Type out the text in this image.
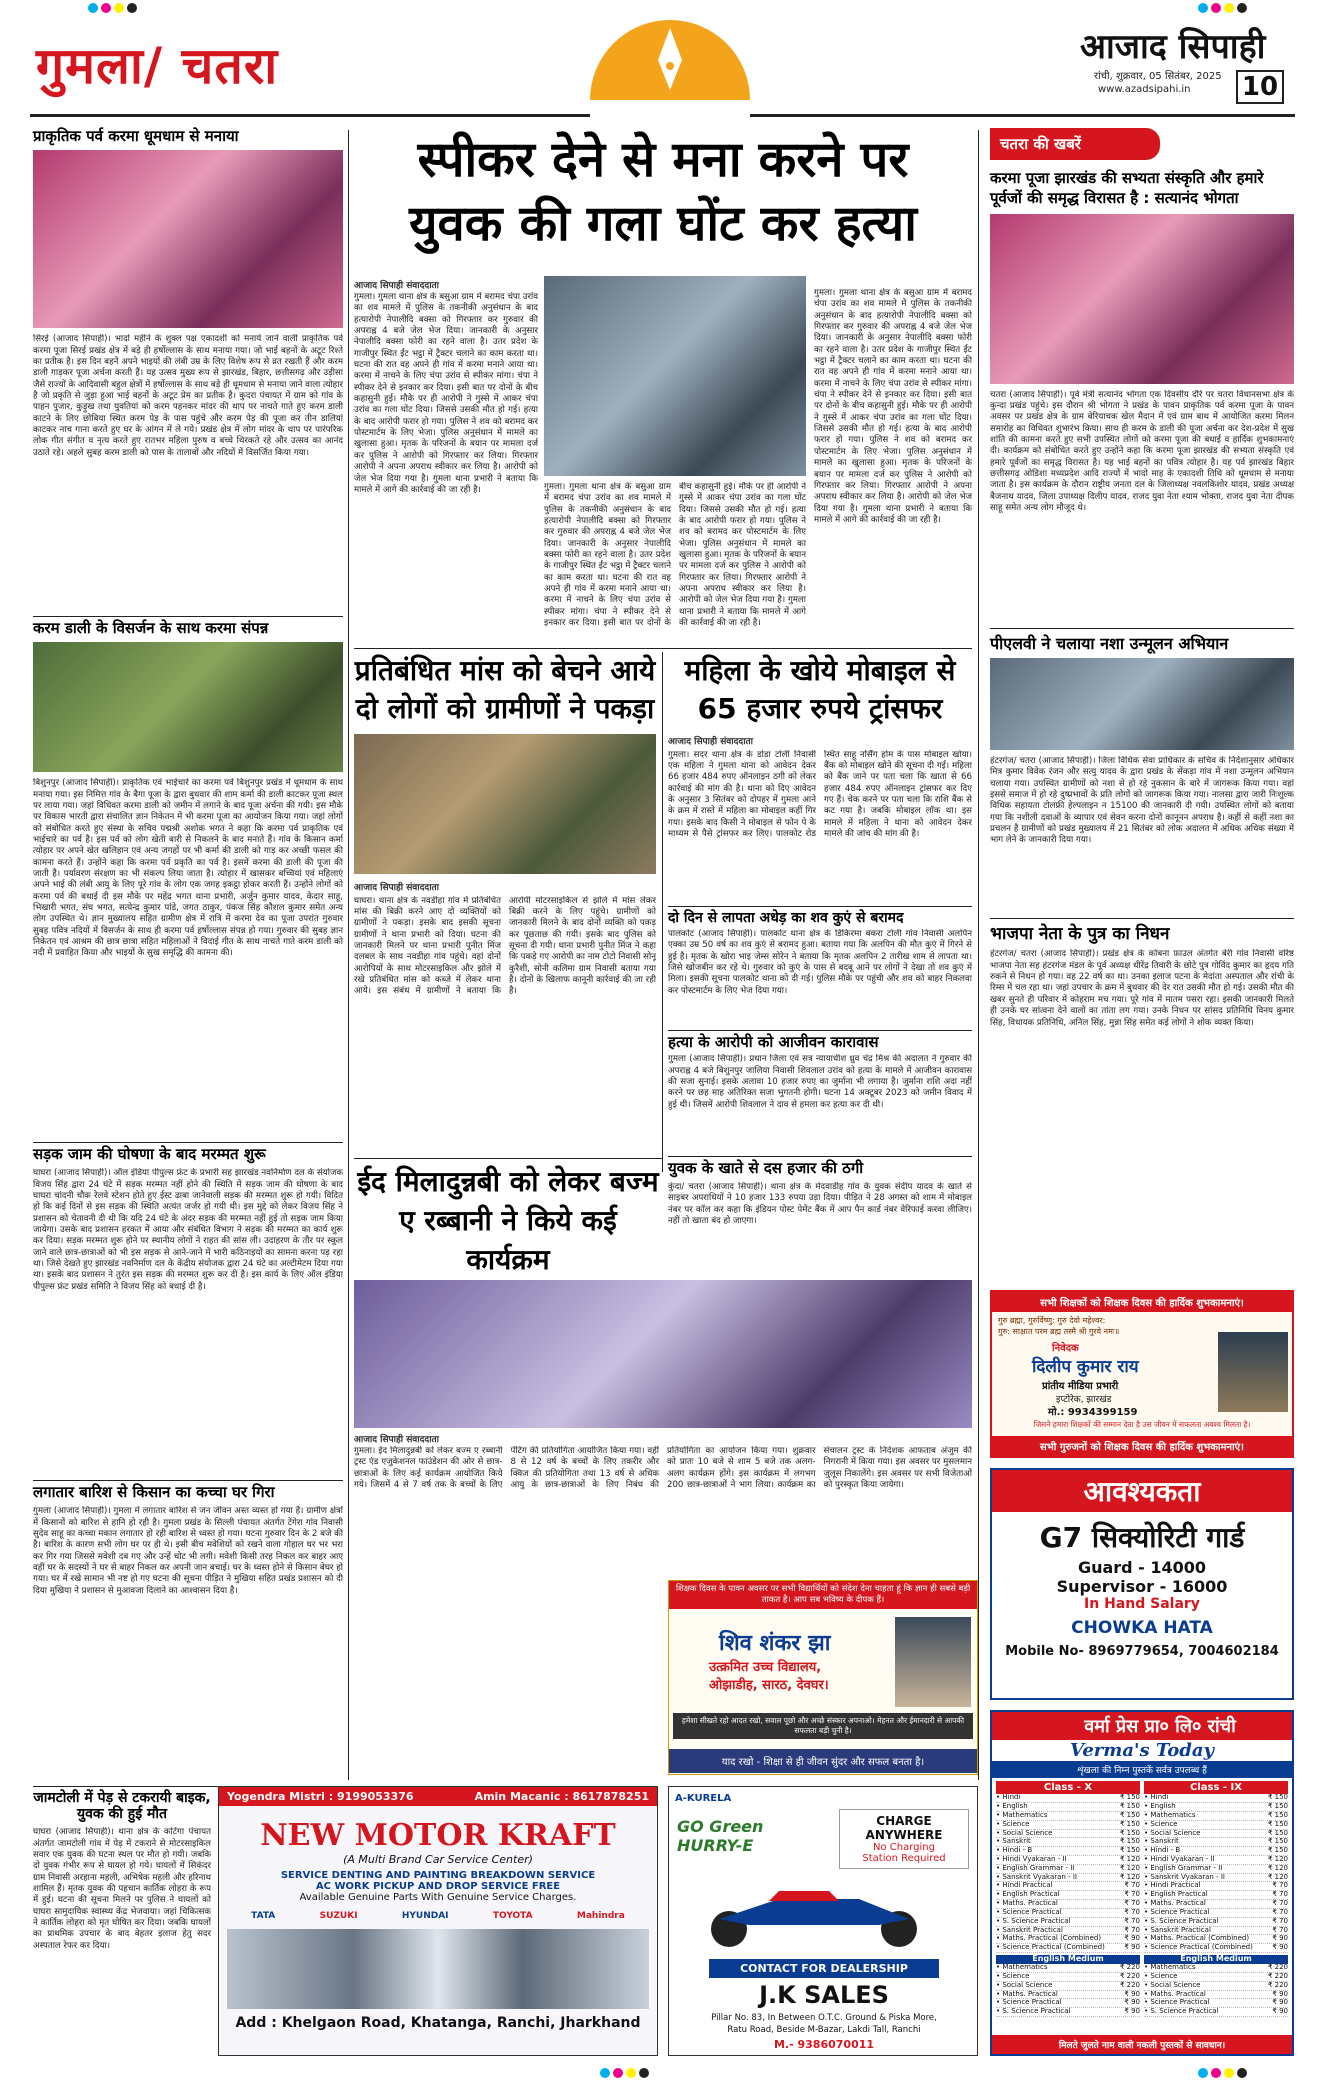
गुमला/ चतरा	आजाद सिपाही
रांची, शुक्रवार, 05 सितंबर, 2025
www.azadsipahi.in 10
प्राकृतिक पर्व करमा धूमधाम से मनाया
सिरई (आजाद सिपाही)। भादो महीने के शुक्ल पक्ष एकादशी को मनाये जाने वाली प्राकृतिक पर्व करमा पूजा सिरई प्रखंड क्षेत्र में बड़े ही हर्षोल्लास के साथ मनाया गया। जो भाई बहनों के अटूट रिश्ते का प्रतीक है। इस दिन बहनें अपने भाइयों की लंबी उम्र के लिए विशेष रूप से व्रत रखती हैं और करम डाली गाड़कर पूजा अर्चना करती हैं। यह उत्सव मुख्य रूप से झारखंड, बिहार, छत्तीसगढ़ और उड़ीसा जैसे राज्यों के आदिवासी बहुल क्षेत्रों में हर्षोल्लास के साथ बड़े ही धूमधाम से मनाया जाने वाला त्योहार है जो प्रकृति से जुड़ा हुआ भाई बहनों के अटूट प्रेम का प्रतीक है। कुदरा पंचायत में ग्राम को गांव के पाहन पुजार, कुड़ुख तथा युवतियां को करम पहनकर मांदर की थाप पर नाचते गाते हुए करम डाली काटने के लिए छोबिया स्थित करम पेड़ के पास पहुंचे और करम पेड़ की पूजा कर तीन डालियां काटकर नाच गाना करते हुए घर के आंगन में ले गये। प्रखंड क्षेत्र में लोग मांदर के थाप पर पारंपरिक लोक गीत संगीत व नृत्य करते हुए रातभर महिला पुरुष व बच्चे थिरकते रहे और उत्सव का आनंद उठाते रहे। अहले सुबह करम डाली को पास के तालाबों और नदियों में विसर्जित किया गया।
करम डाली के विसर्जन के साथ करमा संपन्न
बिशुनपुर (आजाद सिपाही)। प्राकृतिक एवं भाईचारे का करमा पर्व बिशुनपुर प्रखंड में धूमधाम के साथ मनाया गया। इस निमित्त गांव के बैगा पूजा के द्वारा बुधवार की शाम कर्मा की डाली काटकर पूजा स्थल पर लाया गया। जहां विधिवत करमा डाली को जमीन में लगाने के बाद पूजा अर्चना की गयी। इस मौके पर विकास भारती द्वारा संचालित ज्ञान निकेतन में भी करमा पूजा का आयोजन किया गया। जहां लोगों को संबोधित करते हुए संस्था के सचिव पद्मश्री अशोक भगत ने कहा कि करमा पर्व प्राकृतिक एवं भाईचारे का पर्व है। इस पर्व को लोग खेती बारी से निकलने के बाद मनाते हैं। गांव के किसान कर्मा त्योहार पर अपने खेत खलिहान एवं अन्य जगहों पर भी कर्मा की डाली को गाड़ कर अच्छी फसल की कामना करते हैं। उन्होंने कहा कि करमा पर्व प्रकृति का पर्व है। इसमें करमा की डाली की पूजा की जाती है। पर्यावरण संरक्षण का भी संकल्प लिया जाता है। त्योहार में खासकर बच्चियां एवं महिलाएं अपने भाई की लंबी आयु के लिए पूरे गांव के लोग एक जगह इकट्ठा होकर करती हैं। उन्होंने लोगों को करमा पर्व की बधाई दी इस मौके पर महेंद्र भगत थाना प्रभारी, अर्जुन कुमार यादव, केदार साहू, भिखारी भगत, संघ भगत, सत्येन्द्र कुमार पांडे, जगत ठाकुर, पंकज सिंह कौशल कुमार समेत अन्य लोग उपस्थित थे। ज्ञान मुख्यालय सहित ग्रामीण क्षेत्र में रात्रि में करमा देव का पूजा उपरांत गुरुवार सुबह पवित्र नदियों में विसर्जन के साथ ही करमा पर्व हर्षोल्लास संपन्न हो गया। गुरुवार की सुबह ज्ञान निकेतन एवं आश्रम की छात्र छात्रा सहित महिलाओं ने विदाई गीत के साथ नाचते गाते करम डाली को नदी में प्रवाहित किया और भाइयों के सुख समृद्धि की कामना की।
सड़क जाम की घोषणा के बाद मरम्मत शुरू
घाघरा (आजाद सिपाही)। ऑल इंडिया पीपुल्स फ्रंट के प्रभारी सह झारखंड नवनिर्माण दल के संयोजक विजय सिंह द्वारा 24 घंटे में सड़क मरम्मत नहीं होने की स्थिति में सड़क जाम की घोषणा के बाद घाघरा चांदनी चौक रेलवे स्टेशन होते हुए ईस्ट ढाबा जानेवाली सड़क की मरम्मत शुरू हो गयी। विदित हो कि कई दिनों से इस सड़क की स्थिति अत्यंत जर्जर हो गयी थी। इस मुद्दे को लेकर विजय सिंह ने प्रशासन को चेतावनी दी थी कि यदि 24 घंटे के अंदर सड़क की मरम्मत नहीं हुई तो सड़क जाम किया जायेगा। उसके बाद प्रशासन हरकत में आया और संबंधित विभाग ने सड़क की मरम्मत का कार्य शुरू कर दिया। सड़क मरम्मत शुरू होने पर स्थानीय लोगों ने राहत की सांस ली। उदाहरण के तौर पर स्कूल जाने वाले छात्र-छात्राओं को भी इस सड़क से आने-जाने में भारी कठिनाइयों का सामना करना पड़ रहा था। जिसे देखते हुए झारखंड नवनिर्माण दल के केंद्रीय संयोजक द्वारा 24 घंटे का अल्टीमेटम दिया गया था। इसके बाद प्रशासन ने तुरंत इस सड़क की मरम्मत शुरू कर दी है। इस कार्य के लिए ऑल इंडिया पीपुल्स फ्रंट प्रखंड समिति ने विजय सिंह को बधाई दी है।
लगातार बारिश से किसान का कच्चा घर गिरा
गुमला (आजाद सिपाही)। गुमला में लगातार बारिश से जन जीवन अस्त व्यस्त हो गया है। ग्रामीण क्षेत्रों में किसानों को बारिश से हानि हो रही है। गुमला प्रखंड के सिल्ली पंचायत अंतर्गत टेंगेरा गांव निवासी सुदेव साहू का कच्चा मकान लगातार हो रही बारिश से ध्वस्त हो गया। घटना गुरुवार दिन के 2 बजे की है। बारिश के कारण सभी लोग घर पर ही थे। इसी बीच मवेशियों को रखने वाला गोहाल घर भर भरा कर गिर गया जिससे मवेशी दब गए और उन्हें चोट भी लगी। मवेशी किसी तरह निकल कर बाहर आए वहीं घर के सदस्यों ने घर से बाहर निकल कर अपनी जान बचाई। घर के ध्वस्त होने से किसान बेघर हो गया। घर में रखे सामान भी नष्ट हो गए घटना की सूचना पीड़ित ने मुखिया सहित प्रखंड प्रशासन को दी दिया मुखिया ने प्रशासन से मुआवजा दिलाने का आश्वासन दिया है।
जामटोली में पेड़ से टकरायी बाइक, युवक की हुई मौत
घाघरा (आजाद सिपाही)। थाना क्षेत्र के कोटेंगा पंचायत अंतर्गत जामटोली गांव में पेड़ में टकराने से मोटरसाइकिल सवार एक युवक की घटना स्थल पर मौत हो गयी। जबकि दो युवक गंभीर रूप से घायल हो गये। घायलों में सिकंदर ग्राम निवासी अरहाना महली, अभिषेक महली और हरिनाथ शामिल हैं। मृतक युवक की पहचान कार्तिक लोहरा के रूप में हुई। घटना की सूचना मिलने पर पुलिस ने घायलों को घाघरा सामुदायिक स्वास्थ्य केंद्र भेजवाया। जहां चिकित्सक ने कार्तिक लोहरा को मृत घोषित कर दिया। जबकि घायलों का प्राथमिक उपचार के बाद बेहतर इलाज हेतु सदर अस्पताल रेफर कर दिया।
स्पीकर देने से मना करने पर युवक की गला घोंट कर हत्या
आजाद सिपाही संवाददाता
गुमला। गुमला थाना क्षेत्र के बसुआ ग्राम में बरामद चंपा उरांव का शव मामले में पुलिस के तकनीकी अनुसंधान के बाद हत्यारोपी नेपालीदि बक्सा को गिरफ्तार कर गुरुवार की अपराह्न 4 बजे जेल भेज दिया। जानकारी के अनुसार नेपालीदि बक्सा फोरी का रहने वाला है। उतर प्रदेश के गाजीपुर स्थित ईंट भट्ठा में ट्रैक्टर चलाने का काम करता था। घटना की रात वह अपने ही गांव में करमा मनाने आया था। करमा में नाचने के लिए चंपा उरांव से स्पीकर मांगा। चंपा ने स्पीकर देने से इनकार कर दिया। इसी बात पर दोनों के बीच कहासुनी हुई। मौके पर ही आरोपी ने गुस्से में आकर चंपा उरांव का गला घोंट दिया। जिससे उसकी मौत हो गई। हत्या के बाद आरोपी फरार हो गया। पुलिस ने शव को बरामद कर पोस्टमार्टम के लिए भेजा। पुलिस अनुसंधान में मामले का खुलासा हुआ। मृतक के परिजनों के बयान पर मामला दर्ज कर पुलिस ने आरोपी को गिरफ्तार कर लिया। गिरफ्तार आरोपी ने अपना अपराध स्वीकार कर लिया है। आरोपी को जेल भेज दिया गया है। गुमला थाना प्रभारी ने बताया कि मामले में आगे की कार्रवाई की जा रही है।	गुमला। गुमला थाना क्षेत्र के बसुआ ग्राम में बरामद चंपा उरांव का शव मामले में पुलिस के तकनीकी अनुसंधान के बाद हत्यारोपी नेपालीदि बक्सा को गिरफ्तार कर गुरुवार की अपराह्न 4 बजे जेल भेज दिया। जानकारी के अनुसार नेपालीदि बक्सा फोरी का रहने वाला है। उतर प्रदेश के गाजीपुर स्थित ईंट भट्ठा में ट्रैक्टर चलाने का काम करता था। घटना की रात वह अपने ही गांव में करमा मनाने आया था। करमा में नाचने के लिए चंपा उरांव से स्पीकर मांगा। चंपा ने स्पीकर देने से इनकार कर दिया। इसी बात पर दोनों के बीच कहासुनी हुई। मौके पर ही आरोपी ने गुस्से में आकर चंपा उरांव का गला घोंट दिया। जिससे उसकी मौत हो गई। हत्या के बाद आरोपी फरार हो गया। पुलिस ने शव को बरामद कर पोस्टमार्टम के लिए भेजा। पुलिस अनुसंधान में मामले का खुलासा हुआ। मृतक के परिजनों के बयान पर मामला दर्ज कर पुलिस ने आरोपी को गिरफ्तार कर लिया। गिरफ्तार आरोपी ने अपना अपराध स्वीकार कर लिया है। आरोपी को जेल भेज दिया गया है। गुमला थाना प्रभारी ने बताया कि मामले में आगे की कार्रवाई की जा रही है।
गुमला। गुमला थाना क्षेत्र के बसुआ ग्राम में बरामद चंपा उरांव का शव मामले में पुलिस के तकनीकी अनुसंधान के बाद हत्यारोपी नेपालीदि बक्सा को गिरफ्तार कर गुरुवार की अपराह्न 4 बजे जेल भेज दिया। जानकारी के अनुसार नेपालीदि बक्सा फोरी का रहने वाला है। उतर प्रदेश के गाजीपुर स्थित ईंट भट्ठा में ट्रैक्टर चलाने का काम करता था। घटना की रात वह अपने ही गांव में करमा मनाने आया था। करमा में नाचने के लिए चंपा उरांव से स्पीकर मांगा। चंपा ने स्पीकर देने से इनकार कर दिया। इसी बात पर दोनों के बीच कहासुनी हुई। मौके पर ही आरोपी ने गुस्से में आकर चंपा उरांव का गला घोंट दिया। जिससे उसकी मौत हो गई। हत्या के बाद आरोपी फरार हो गया। पुलिस ने शव को बरामद कर पोस्टमार्टम के लिए भेजा। पुलिस अनुसंधान में मामले का खुलासा हुआ। मृतक के परिजनों के बयान पर मामला दर्ज कर पुलिस ने आरोपी को गिरफ्तार कर लिया। गिरफ्तार आरोपी ने अपना अपराध स्वीकार कर लिया है। आरोपी को जेल भेज दिया गया है। गुमला थाना प्रभारी ने बताया कि मामले में आगे की कार्रवाई की जा रही है।
प्रतिबंधित मांस को बेचने आये दो लोगों को ग्रामीणों ने पकड़ा
आजाद सिपाही संवाददाता
घाघरा। थाना क्षेत्र के नवडीहा गांव में प्रतिबंधित मांस की बिक्री करने आए दो व्यक्तियों को ग्रामीणों ने पकड़ा। इसके बाद इसकी सूचना ग्रामीणों ने थाना प्रभारी को दिया। घटना की जानकारी मिलने पर थाना प्रभारी पुनीत मिंज दलबल के साथ नवडीहा गांव पहुंचे। वहां दोनों आरोपियों के साथ मोटरसाइकिल और झोले में रखे प्रतिबंधित मांस को कब्जे में लेकर थाना आये। इस संबंध में ग्रामीणों ने बताया कि आरोपी मोटरसाइकिल से झोले में मांस लेकर बिक्री करने के लिए पहुंचे। ग्रामीणों को जानकारी मिलने के बाद दोनों व्यक्ति को पकड़ कर पूछताछ की गयी। इसके बाद पुलिस को सूचना दी गयी। थाना प्रभारी पुनीत मिंज ने कहा कि पकड़े गए आरोपी का नाम टोटो निवासी सोनू कुरैशी, सोनी कलिमा ग्राम निवासी बताया गया है। दोनों के खिलाफ कानूनी कार्रवाई की जा रही है।
महिला के खोये मोबाइल से 65 हजार रुपये ट्रांसफर
आजाद सिपाही संवाददाता
गुमला। सदर थाना क्षेत्र के डोडा टोली निवासी एक महिला ने गुमला थाना को आवेदन देकर 66 हजार 484 रुपए ऑनलाइन ठगी को लेकर कार्रवाई की मांग की है। थाना को दिए आवेदन के अनुसार 3 सितंबर को दोपहर में गुमला आने के क्रम में रास्ते में महिला का मोबाइल कहीं गिर गया। इसके बाद किसी ने मोबाइल से फोन पे के माध्यम से पैसे ट्रांसफर कर लिए। पालकोट रोड स्थित साहू नर्सिंग होम के पास मोबाइल खोया। बैंक को मोबाइल खोने की सूचना दी गई। महिला को बैंक जाने पर पता चला कि खाता से 66 हजार 484 रुपए ऑनलाइन ट्रांसफर कर दिए गए हैं। चेक करने पर पता चला कि राशि बैंक से कट गया है। जबकि मोबाइल लॉक था। इस मामले में महिला ने थाना को आवेदन देकर मामले की जांच की मांग की है।
दो दिन से लापता अधेड़ का शव कुएं से बरामद
पालकोट (आजाद सिपाही)। पालकोट थाना क्षेत्र के डिकिरमा बकरा टोली गांव निवासी अलपिन एक्का उम्र 50 वर्ष का शव कुएं से बरामद हुआ। बताया गया कि अलपिन की मौत कुएं में गिरने से हुई है। मृतक के खोरा भाइ जेम्स सोरेन ने बताया कि मृतक अलपिन 2 तारीख शाम से लापता था। जिसे खोजबीन कर रहे थे। गुरुवार को कुएं के पास से बदबू आने पर लोगों ने देखा तो शव कुएं में मिला। इसकी सूचना पालकोट थाना को दी गई। पुलिस मौके पर पहुंची और शव को बाहर निकलवा कर पोस्टमार्टम के लिए भेज दिया गया।
हत्या के आरोपी को आजीवन कारावास
गुमला (आजाद सिपाही)। प्रधान जिला एवं सत्र न्यायाधीश ध्रुव चंद्र मिश्र की अदालत ने गुरुवार की अपराह्न 4 बजे बिशुनपुर जालिया निवासी शिवलाल उरांव को हत्या के मामले में आजीवन कारावास की सजा सुनाई। इसके अलावा 10 हजार रुपए का जुर्माना भी लगाया है। जुर्माना राशि अदा नहीं करने पर छह माह अतिरिक्त सजा भुगतनी होगी। घटना 14 अक्टूबर 2023 को जमीन विवाद में हुई थी। जिसमें आरोपी शिवलाल ने दाव से हमला कर हत्या कर दी थी।
युवक के खाते से दस हजार की ठगी
कुंदा/ चतरा (आजाद सिपाही)। थाना क्षेत्र के मेदवाडीह गांव के युवक संदीप यादव के खाते से साइबर अपराधियों ने 10 हजार 133 रुपया उड़ा दिया। पीड़ित ने 28 अगस्त को शाम में मोबाइल नंबर पर कॉल कर कहा कि इंडियन पोस्ट पेमेंट बैंक में आप पैन कार्ड नंबर वेरिफाई करवा लीजिए। नहीं तो खाता बंद हो जाएगा।
ईद मिलादुन्नबी को लेकर बज्म ए रब्बानी ने किये कई कार्यक्रम
आजाद सिपाही संवाददाता
गुमला। ईद मिलादुन्नबी को लेकर बज्म ए रब्बानी ट्रस्ट एंड एजुकेशनल फाउंडेशन की ओर से छात्र-छात्राओं के लिए कई कार्यक्रम आयोजित किये गये। जिसमें 4 से 7 वर्ष तक के बच्चों के लिए पेंटिंग की प्रतियोगिता आयोजित किया गया। वहीं 8 से 12 वर्ष के बच्चों के लिए तकरीर और क्विज की प्रतियोगिता तथा 13 वर्ष से अधिक आयु के छात्र-छात्राओं के लिए निबंध की प्रतियोगिता का आयोजन किया गया। शुक्रवार को प्रातः 10 बजे से शाम 5 बजे तक अलग-अलग कार्यक्रम होंगे। इस कार्यक्रम में लगभग 200 छात्र-छात्राओं ने भाग लिया। कार्यक्रम का संचालन ट्रस्ट के निदेशक आफताब अंजुम की निगरानी में किया गया। इस अवसर पर मुसलमान जुलूस निकालेंगे। इस अवसर पर सभी विजेताओं को पुरस्कृत किया जायेगा।
चतरा की खबरें
करमा पूजा झारखंड की सभ्यता संस्कृति और हमारे पूर्वजों की समृद्ध विरासत है : सत्यानंद भोगता
चतरा (आजाद सिपाही)। पूर्व मंत्री सत्यानंद भोगता एक दिवसीय दौरे पर चतरा विधानसभा क्षेत्र के कुन्दा प्रखंड पहुंचे। इस दौरान श्री भोगता ने प्रखंड के पावन प्राकृतिक पर्व करमा पूजा के पावन अवसर पर प्रखंड क्षेत्र के ग्राम बेरियाचक खेल मैदान में एवं ग्राम बाथ में आयोजित करमा मिलन समारोह का विधिवत शुभारंभ किया। साथ ही करम के डाली की पूजा अर्चना कर देश-प्रदेश में सुख शांति की कामना करते हुए सभी उपस्थित लोगों को करमा पूजा की बधाई व हार्दिक शुभकामनाएं दी। कार्यक्रम को संबोधित करते हुए उन्होंने कहा कि करमा पूजा झारखंड की सभ्यता संस्कृति एवं हमारे पूर्वजों का समृद्ध विरासत है। यह भाई बहनों का पवित्र त्योहार है। यह पर्व झारखंड बिहार छत्तीसगढ़ ओडिशा मध्यप्रदेश आदि राज्यों में भादो माह के एकादशी तिथि को धूमधाम से मनाया जाता है। इस कार्यक्रम के दौरान राष्ट्रीय जनता दल के जिलाध्यक्ष नवलकिशोर यादव, प्रखंड अध्यक्ष बैजनाथ यादव, जिला उपाध्यक्ष दिलीप यादव, राजद युवा नेता श्याम भोक्ता, राजद युवा नेता दीपक साहू समेत अन्य लोग मौजूद थे।
पीएलवी ने चलाया नशा उन्मूलन अभियान
हंटरगंज/ चतरा (आजाद सिपाही)। जिला विधिक सेवा प्राधिकार के सचिव के निर्देशानुसार अधिकार मित्र कुमार विवेक रंजन और सत्यु यादव के द्वारा प्रखंड के सेंकड़ा गांव में नशा उन्मूलन अभियान चलाया गया। उपस्थित ग्रामीणों को नशा से हो रहे नुकसान के बारे में जागरूक किया गया। वहां इससे समाज में हो रहे दुष्प्रभावों के प्रति लोगों को जागरूक किया गया। नालसा द्वारा जारी निःशुल्क विधिक सहायता टोलफ्री हेल्पलाइन न 15100 की जानकारी दी गयी। उपस्थित लोगों को बताया गया कि नशीली दवाओं के व्यापार एवं सेवन करना दोनों कानूनन अपराध है। कहीं से कहीं नशा का प्रचलन है ग्रामीणों को प्रखंड मुख्यालय में 21 सितंबर को लोक अदालत में अधिक अधिक संख्या में भाग लेने के जानकारी दिया गया।
भाजपा नेता के पुत्र का निधन
हंटरगंज/ चतरा (आजाद सिपाही)। प्रखंड क्षेत्र के कोबना फ़ाउल अंतर्गत बेरी गांव निवासी वरिष्ठ भाजपा नेता सह हंटरगंज मंडल के पूर्व अध्यक्ष धीरेंद्र तिवारी के छोटे पुत्र गोविंद कुमार का हृदय गति रुकने से निधन हो गया। वह 22 वर्ष का था। उनका इलाज पटना के मेदांता अस्पताल और रांची के रिम्स में चल रहा था। जहां उपचार के क्रम में बुधवार की देर रात उसकी मौत हो गई। उसकी मौत की खबर सुनते ही परिवार में कोहराम मच गया। पूरे गांव में मातम पसरा रहा। इसकी जानकारी मिलते ही उनके घर सांत्वना देने वालों का तांता लग गया। उनके निधन पर सांसद प्रतिनिधि विनय कुमार सिंह, विधायक प्रतिनिधि, अनिल सिंह, मुन्ना सिंह समेत कई लोगों ने शोक व्यक्त किया।
सभी शिक्षकों को शिक्षक दिवस की हार्दिक शुभकामनाएं।
गुरु ब्रह्मा, गुरुर्विष्णु: गुरु देवो महेश्वर:
गुरु: साक्षात परम ब्रह्म तस्मै श्री गुरवे नमः॥
निवेदक
दिलीप कुमार राय
प्रांतीय मीडिया प्रभारी
इप्टोरेक, झारखंड
मो.: 9934399159
जिसने हमारा शिक्षकों की सम्मान देता है उस जीवन में सफलता अवश्य मिलता है।
सभी गुरुजनों को शिक्षक दिवस की हार्दिक शुभकामनाएं।
शिक्षक दिवस के पावन अवसर पर सभी विद्यार्थियों को संदेश देना चाहता हूं कि ज्ञान ही सबसे बड़ी ताकत है। आप सब भविष्य के दीपक हैं।
शिव शंकर झा
उत्क्रमित उच्च विद्यालय,
ओझाडीह, सारठ, देवघर।
हमेशा सीखते रहो आदत रखो, सवाल पूछो और अच्छे संस्कार अपनाओ। मेहनत और ईमानदारी से आपकी सफलता बड़ी चुनी है।
याद रखो - शिक्षा से ही जीवन सुंदर और सफल बनता है।
आवश्यकता
G7 सिक्योरिटी गार्ड
Guard - 14000
Supervisor - 16000
In Hand Salary
CHOWKA HATA
Mobile No- 8969779654, 7004602184
Yogendra Mistri : 9199053376	Amin Macanic : 8617878251
NEW MOTOR KRAFT
(A Multi Brand Car Service Center)
SERVICE DENTING AND PAINTING BREAKDOWN SERVICE
AC WORK PICKUP AND DROP SERVICE FREE
Available Genuine Parts With Genuine Service Charges.
TATA	SUZUKI	HYUNDAI	TOYOTA	Mahindra
Add : Khelgaon Road, Khatanga, Ranchi, Jharkhand
A-KURELA
GO Green HURRY-E
CHARGE
ANYWHERE
No Charging
Station Required
CONTACT FOR DEALERSHIP
J.K SALES
Pillar No. 83, In Between O.T.C. Ground & Piska More,
Ratu Road, Beside M-Bazar, Lakdi Tall, Ranchi
M.- 9386070011
वर्मा प्रेस प्रा० लि० रांची
Verma's Today
शृंखला की निम्न पुस्तकें सर्वत्र उपलब्ध हैं
Class - X
• Hindi	₹ 150
• English	₹ 150
• Mathematics	₹ 150
• Science	₹ 150
• Social Science	₹ 150
• Sanskrit	₹ 150
• Hindi - B	₹ 150
• Hindi Vyakaran - II	₹ 120
• English Grammar - II	₹ 120
• Sanskrit Vyakaran - II	₹ 120
• Hindi Practical	₹ 70
• English Practical	₹ 70
• Maths. Practical	₹ 70
• Science Practical	₹ 70
• S. Science Practical	₹ 70
• Sanskrit Practical	₹ 70
• Maths. Practical (Combined)	₹ 90
• Science Practical (Combined)	₹ 90
English Medium
• Mathematics	₹ 220
• Science	₹ 220
• Social Science	₹ 220
• Maths. Practical	₹ 90
• Science Practical	₹ 90
• S. Science Practical	₹ 90
Class - IX
• Hindi	₹ 150
• English	₹ 150
• Mathematics	₹ 150
• Science	₹ 150
• Social Science	₹ 150
• Sanskrit	₹ 150
• Hindi - B	₹ 150
• Hindi Vyakaran - II	₹ 120
• English Grammar - II	₹ 120
• Sanskrit Vyakaran - II	₹ 120
• Hindi Practical	₹ 70
• English Practical	₹ 70
• Maths. Practical	₹ 70
• Science Practical	₹ 70
• S. Science Practical	₹ 70
• Sanskrit Practical	₹ 70
• Maths. Practical (Combined)	₹ 90
• Science Practical (Combined)	₹ 90
English Medium
• Mathematics	₹ 220
• Science	₹ 220
• Social Science	₹ 220
• Maths. Practical	₹ 90
• Science Practical	₹ 90
• S. Science Practical	₹ 90
मिलते जुलते नाम वाली नकली पुस्तकों से सावधान।
